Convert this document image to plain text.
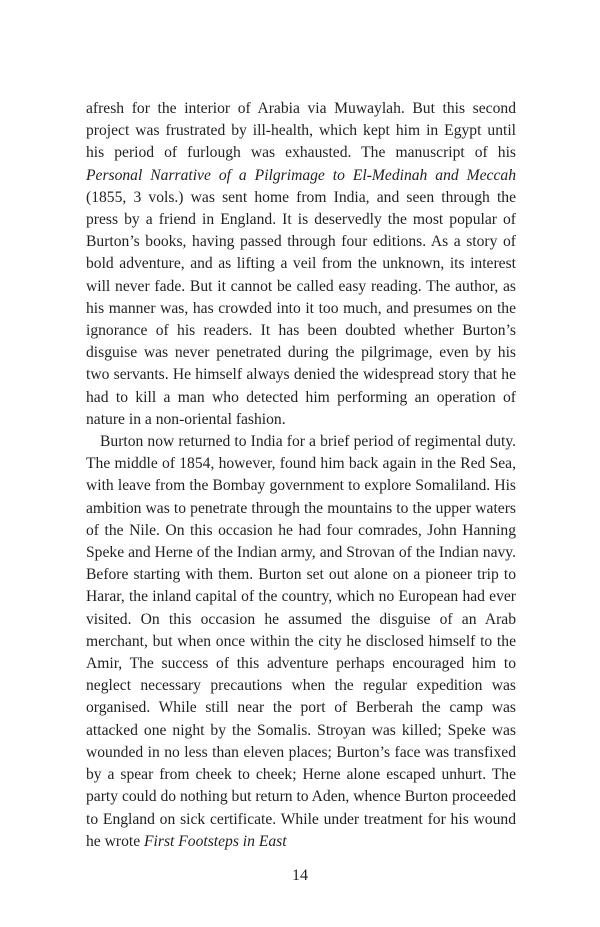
afresh for the interior of Arabia via Muwaylah. But this second project was frustrated by ill-health, which kept him in Egypt until his period of furlough was exhausted. The manuscript of his Personal Narrative of a Pilgrimage to El-Medinah and Meccah (1855, 3 vols.) was sent home from India, and seen through the press by a friend in England. It is deservedly the most popular of Burton’s books, having passed through four editions. As a story of bold adventure, and as lifting a veil from the unknown, its interest will never fade. But it cannot be called easy reading. The author, as his manner was, has crowded into it too much, and presumes on the ignorance of his readers. It has been doubted whether Burton’s disguise was never penetrated during the pilgrimage, even by his two servants. He himself always denied the widespread story that he had to kill a man who detected him performing an operation of nature in a non-oriental fashion.

Burton now returned to India for a brief period of regimental duty. The middle of 1854, however, found him back again in the Red Sea, with leave from the Bombay government to explore Somaliland. His ambition was to penetrate through the mountains to the upper waters of the Nile. On this occasion he had four comrades, John Hanning Speke and Herne of the Indian army, and Strovan of the Indian navy. Before starting with them. Burton set out alone on a pioneer trip to Harar, the inland capital of the country, which no European had ever visited. On this occasion he assumed the disguise of an Arab merchant, but when once within the city he disclosed himself to the Amir, The success of this adventure perhaps encouraged him to neglect necessary precautions when the regular expedition was organised. While still near the port of Berberah the camp was attacked one night by the Somalis. Stroyan was killed; Speke was wounded in no less than eleven places; Burton’s face was transfixed by a spear from cheek to cheek; Herne alone escaped unhurt. The party could do nothing but return to Aden, whence Burton proceeded to England on sick certificate. While under treatment for his wound he wrote First Footsteps in East

14
